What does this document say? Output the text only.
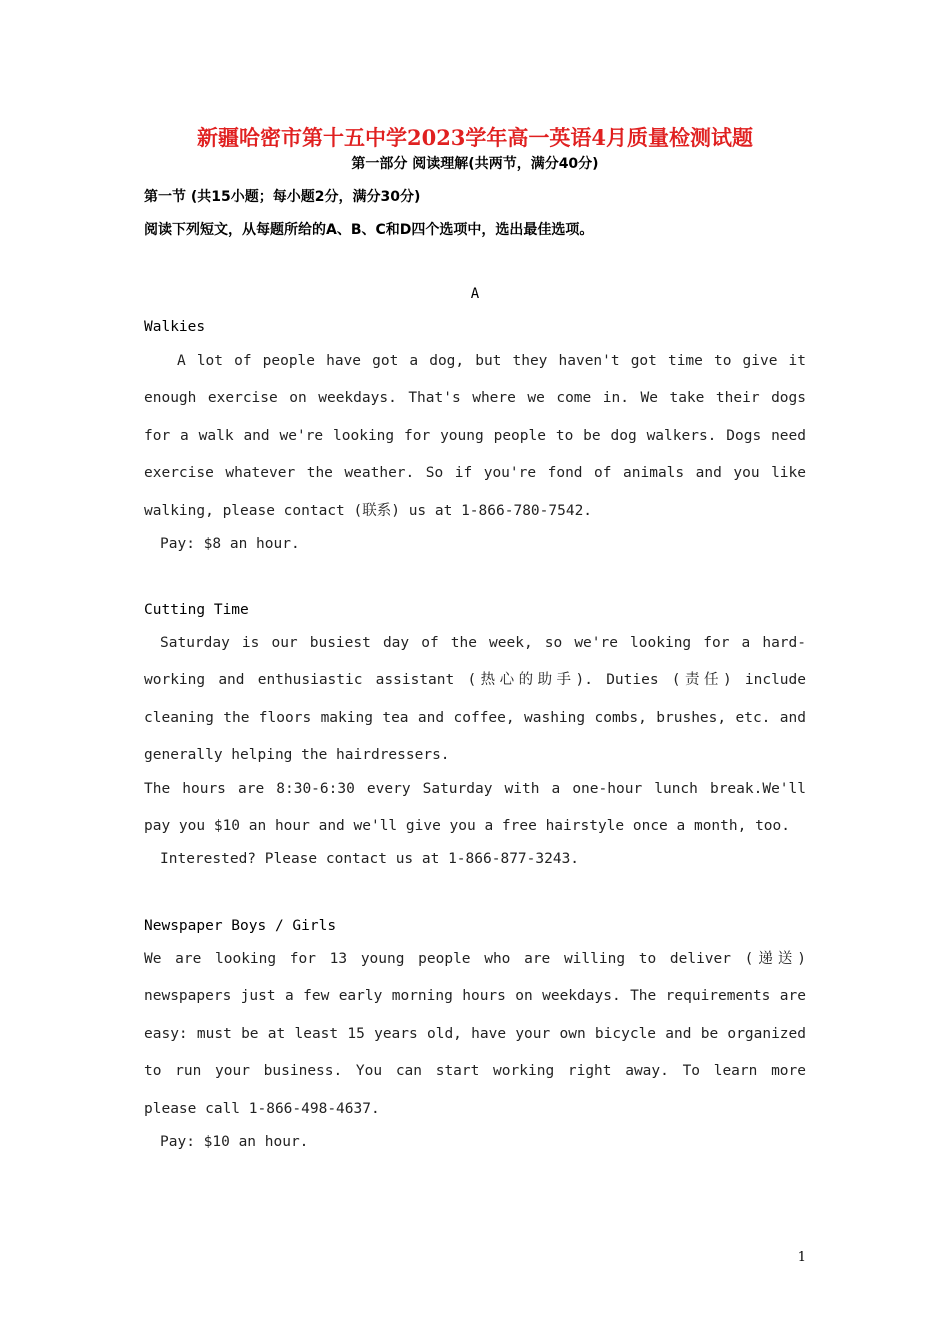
新疆哈密市第十五中学2023学年高一英语4月质量检测试题

第一部分 阅读理解(共两节，满分40分)

第一节 (共15小题；每小题2分，满分30分)

阅读下列短文，从每题所给的A、B、C和D四个选项中，选出最佳选项。

A

Walkies

A lot of people have got a dog, but they haven't got time to give it enough exercise on weekdays. That's where we come in. We take their dogs for a walk and we're looking for young people to be dog walkers. Dogs need exercise whatever the weather. So if you're fond of animals and you like walking, please contact (联系) us at 1-866-780-7542.

Pay: $8 an hour.

Cutting Time

Saturday is our busiest day of the week, so we're looking for a hard-working and enthusiastic assistant (热心的助手). Duties (责任) include cleaning the floors making tea and coffee, washing combs, brushes, etc. and generally helping the hairdressers.

The hours are 8:30-6:30 every Saturday with a one-hour lunch break.We'll pay you $10 an hour and we'll give you a free hairstyle once a month, too.

Interested? Please contact us at 1-866-877-3243.

Newspaper Boys / Girls

We are looking for 13 young people who are willing to deliver (递送) newspapers just a few early morning hours on weekdays. The requirements are easy: must be at least 15 years old, have your own bicycle and be organized to run your business. You can start working right away. To learn more please call 1-866-498-4637.

Pay: $10 an hour.

1
